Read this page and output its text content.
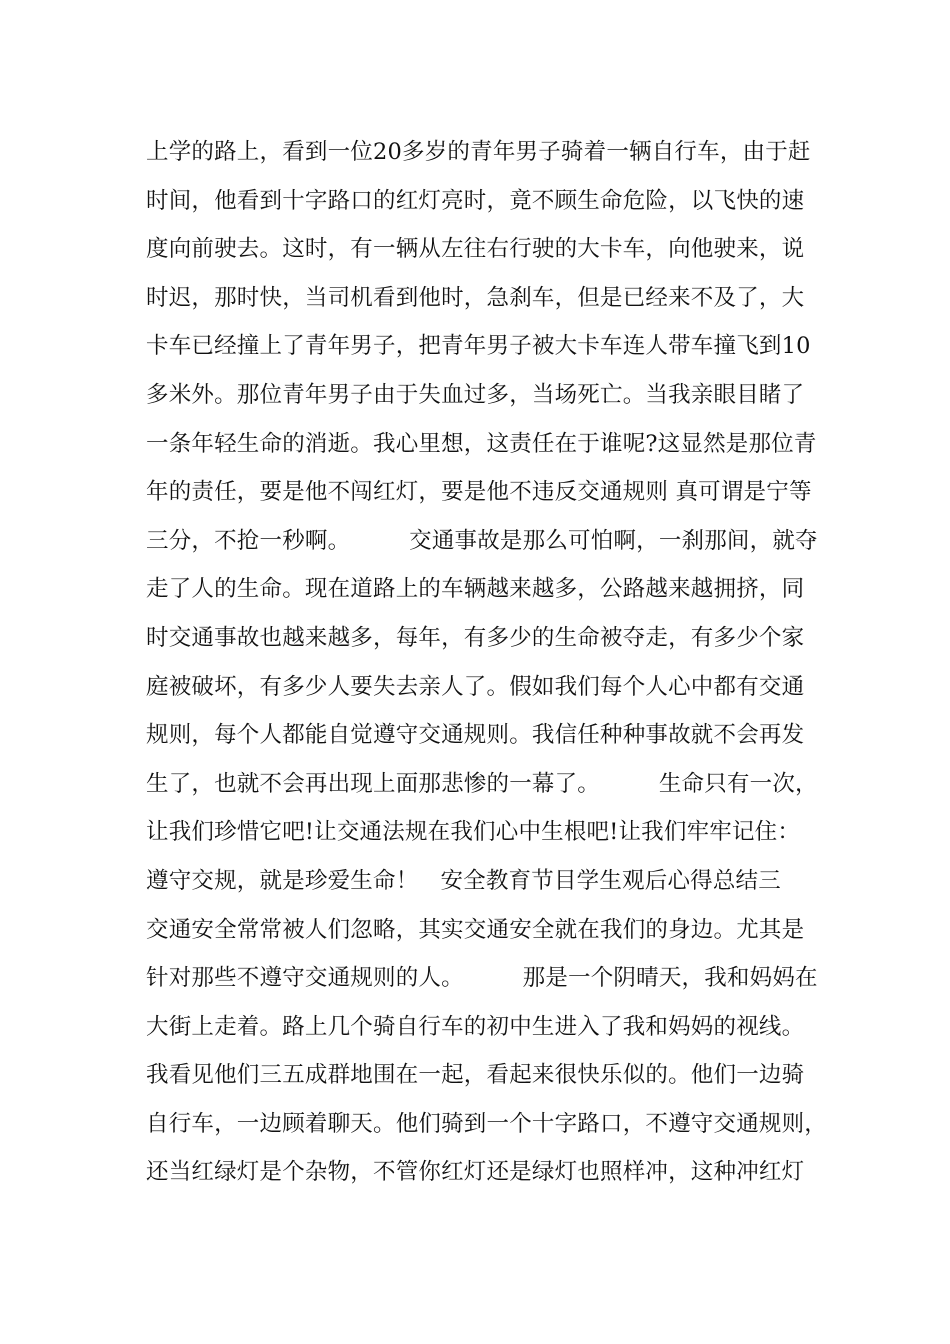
上学的路上，看到一位20多岁的青年男子骑着一辆自行车，由于赶
时间，他看到十字路口的红灯亮时，竟不顾生命危险，以飞快的速
度向前驶去。这时，有一辆从左往右行驶的大卡车，向他驶来，说
时迟，那时快，当司机看到他时，急刹车，但是已经来不及了，大
卡车已经撞上了青年男子，把青年男子被大卡车连人带车撞飞到10
多米外。那位青年男子由于失血过多，当场死亡。当我亲眼目睹了
一条年轻生命的消逝。我心里想，这责任在于谁呢?这显然是那位青
年的责任，要是他不闯红灯，要是他不违反交通规则 真可谓是宁等
三分，不抢一秒啊。        交通事故是那么可怕啊，一刹那间，就夺
走了人的生命。现在道路上的车辆越来越多，公路越来越拥挤，同
时交通事故也越来越多，每年，有多少的生命被夺走，有多少个家
庭被破坏，有多少人要失去亲人了。假如我们每个人心中都有交通
规则，每个人都能自觉遵守交通规则。我信任种种事故就不会再发
生了，也就不会再出现上面那悲惨的一幕了。        生命只有一次，
让我们珍惜它吧!让交通法规在我们心中生根吧!让我们牢牢记住：
遵守交规，就是珍爱生命！   安全教育节目学生观后心得总结三
交通安全常常被人们忽略，其实交通安全就在我们的身边。尤其是
针对那些不遵守交通规则的人。        那是一个阴晴天，我和妈妈在
大街上走着。路上几个骑自行车的初中生进入了我和妈妈的视线。
我看见他们三五成群地围在一起，看起来很快乐似的。他们一边骑
自行车，一边顾着聊天。他们骑到一个十字路口，不遵守交通规则，
还当红绿灯是个杂物，不管你红灯还是绿灯也照样冲，这种冲红灯
